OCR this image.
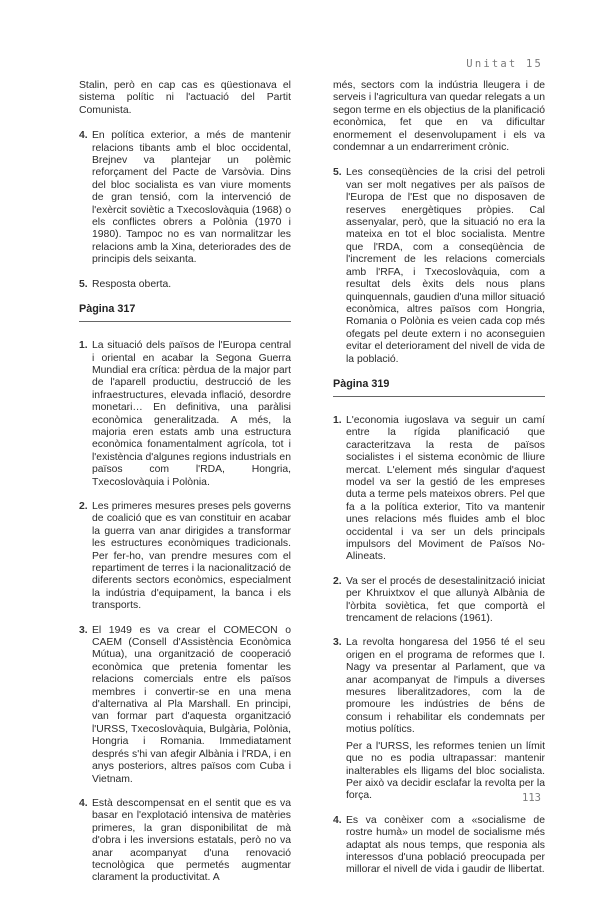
Unitat 15

Stalin, però en cap cas es qüestionava el sistema polític ni l'actuació del Partit Comunista.

4. En política exterior, a més de mantenir relacions tibants amb el bloc occidental, Brejnev va plantejar un polèmic reforçament del Pacte de Varsòvia. Dins del bloc socialista es van viure moments de gran tensió, com la intervenció de l'exèrcit soviètic a Txecoslovàquia (1968) o els conflictes obrers a Polònia (1970 i 1980). Tampoc no es van normalitzar les relacions amb la Xina, deteriorades des de principis dels seixanta.
5. Resposta oberta.
Pàgina 317
1. La situació dels països de l'Europa central i oriental en acabar la Segona Guerra Mundial era crítica: pèrdua de la major part de l'aparell productiu, destrucció de les infraestructures, elevada inflació, desordre monetari… En definitiva, una paràlisi econòmica generalitzada. A més, la majoria eren estats amb una estructura econòmica fonamentalment agrícola, tot i l'existència d'algunes regions industrials en països com l'RDA, Hongria, Txecoslovàquia i Polònia.
2. Les primeres mesures preses pels governs de coalició que es van constituir en acabar la guerra van anar dirigides a transformar les estructures econòmiques tradicionals. Per fer-ho, van prendre mesures com el repartiment de terres i la nacionalització de diferents sectors econòmics, especialment la indústria d'equipament, la banca i els transports.
3. El 1949 es va crear el COMECON o CAEM (Consell d'Assistència Econòmica Mútua), una organització de cooperació econòmica que pretenia fomentar les relacions comercials entre els països membres i convertir-se en una mena d'alternativa al Pla Marshall. En principi, van formar part d'aquesta organització l'URSS, Txecoslovàquia, Bulgària, Polònia, Hongria i Romania. Immediatament després s'hi van afegir Albània i l'RDA, i en anys posteriors, altres països com Cuba i Vietnam.
4. Està descompensat en el sentit que es va basar en l'explotació intensiva de matèries primeres, la gran disponibilitat de mà d'obra i les inversions estatals, però no va anar acompanyat d'una renovació tecnològica que permetés augmentar clarament la productivitat. A

més, sectors com la indústria lleugera i de serveis i l'agricultura van quedar relegats a un segon terme en els objectius de la planificació econòmica, fet que en va dificultar enormement el desenvolupament i els va condemnar a un endarreriment crònic.

5. Les conseqüències de la crisi del petroli van ser molt negatives per als països de l'Europa de l'Est que no disposaven de reserves energètiques pròpies. Cal assenyalar, però, que la situació no era la mateixa en tot el bloc socialista. Mentre que l'RDA, com a conseqüència de l'increment de les relacions comercials amb l'RFA, i Txecoslovàquia, com a resultat dels èxits dels nous plans quinquennals, gaudien d'una millor situació econòmica, altres països com Hongria, Romania o Polònia es veien cada cop més ofegats pel deute extern i no aconseguien evitar el deteriorament del nivell de vida de la població.
Pàgina 319
1. L'economia iugoslava va seguir un camí entre la rígida planificació que caracteritzava la resta de països socialistes i el sistema econòmic de lliure mercat. L'element més singular d'aquest model va ser la gestió de les empreses duta a terme pels mateixos obrers. Pel que fa a la política exterior, Tito va mantenir unes relacions més fluides amb el bloc occidental i va ser un dels principals impulsors del Moviment de Països No-Alineats.
2. Va ser el procés de desestalinització iniciat per Khruixtxov el que allunyà Albània de l'òrbita soviètica, fet que comportà el trencament de relacions (1961).
3. La revolta hongaresa del 1956 té el seu origen en el programa de reformes que I. Nagy va presentar al Parlament, que va anar acompanyat de l'impuls a diverses mesures liberalitzadores, com la de promoure les indústries de béns de consum i rehabilitar els condemnats per motius polítics.

Per a l'URSS, les reformes tenien un límit que no es podia ultrapassar: mantenir inalterables els lligams del bloc socialista. Per això va decidir esclafar la revolta per la força.

4. Es va conèixer com a «socialisme de rostre humà» un model de socialisme més adaptat als nous temps, que responia als interessos d'una població preocupada per millorar el nivell de vida i gaudir de llibertat.
113
